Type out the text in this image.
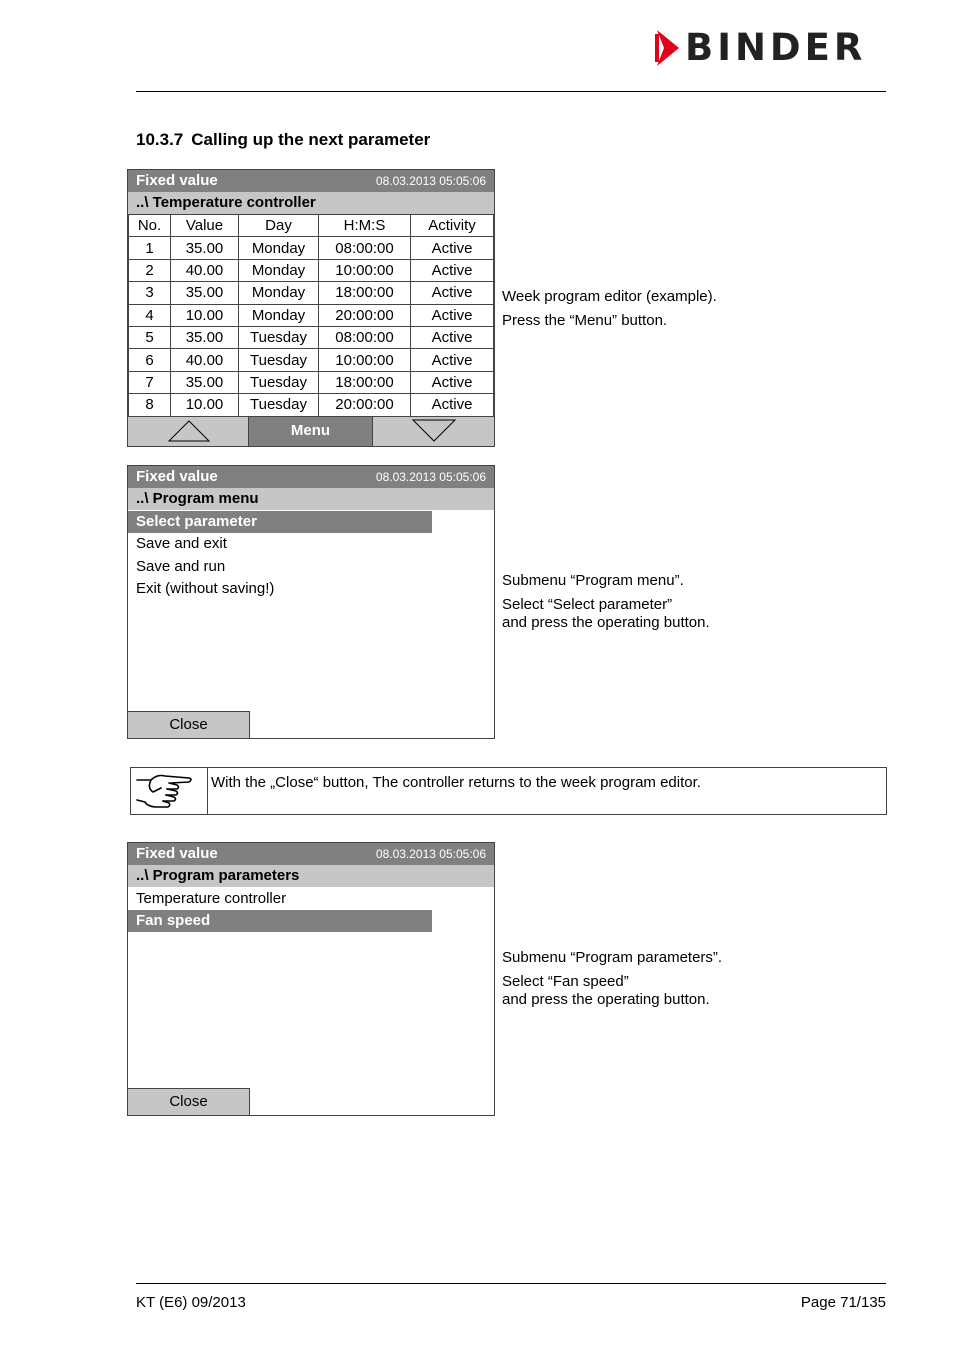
BINDER
10.3.7 Calling up the next parameter
Fixed value	08.03.2013 05:05:06
..\ Temperature controller
No.	Value	Day	H:M:S	Activity
1	35.00	Monday	08:00:00	Active
2	40.00	Monday	10:00:00	Active
3	35.00	Monday	18:00:00	Active
4	10.00	Monday	20:00:00	Active
5	35.00	Tuesday	08:00:00	Active
6	40.00	Tuesday	10:00:00	Active
7	35.00	Tuesday	18:00:00	Active
8	10.00	Tuesday	20:00:00	Active
Menu

Week program editor (example).

Press the “Menu” button.

Fixed value	08.03.2013 05:05:06
..\ Program menu
Select parameter
Save and exit
Save and run
Exit (without saving!)
Close

Submenu “Program menu”.

Select “Select parameter”

and press the operating button.

With the „Close“ button, The controller returns to the week program editor.
Fixed value	08.03.2013 05:05:06
..\ Program parameters
Temperature controller
Fan speed
Close

Submenu “Program parameters”.

Select “Fan speed”

and press the operating button.

KT (E6) 09/2013	Page 71/135
